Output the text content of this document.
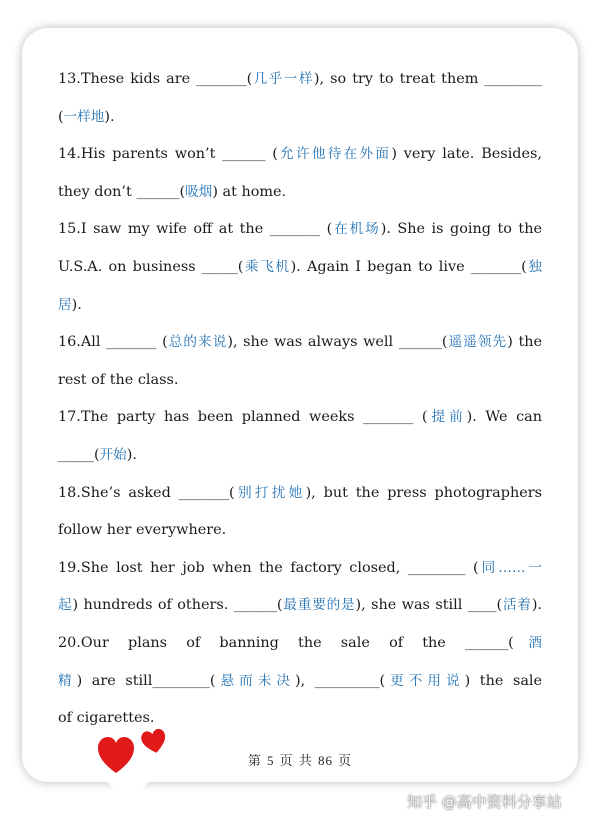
13.These kids are _______(几乎一样), so try to treat them ________
(一样地).
14.His parents won’t ______ (允许他待在外面) very late. Besides,
they don’t ______(吸烟) at home.
15.I saw my wife off at the _______ (在机场). She is going to the
U.S.A. on business _____(乘飞机). Again I began to live _______(独
居).
16.All _______ (总的来说), she was always well ______(遥遥领先) the
rest of the class.
17.The party has been planned weeks _______ (提前). We can
_____(开始).
18.She’s asked _______(别打扰她), but the press photographers
follow her everywhere.
19.She lost her job when the factory closed, ________ (同……一
起) hundreds of others. ______(最重要的是), she was still ____(活着).
20.Our plans of banning the sale of the ______(酒
精) are still________(悬而未决), _________(更不用说) the sale
of cigarettes.
第 5 页 共 86 页
知乎 @高中资料分享站
